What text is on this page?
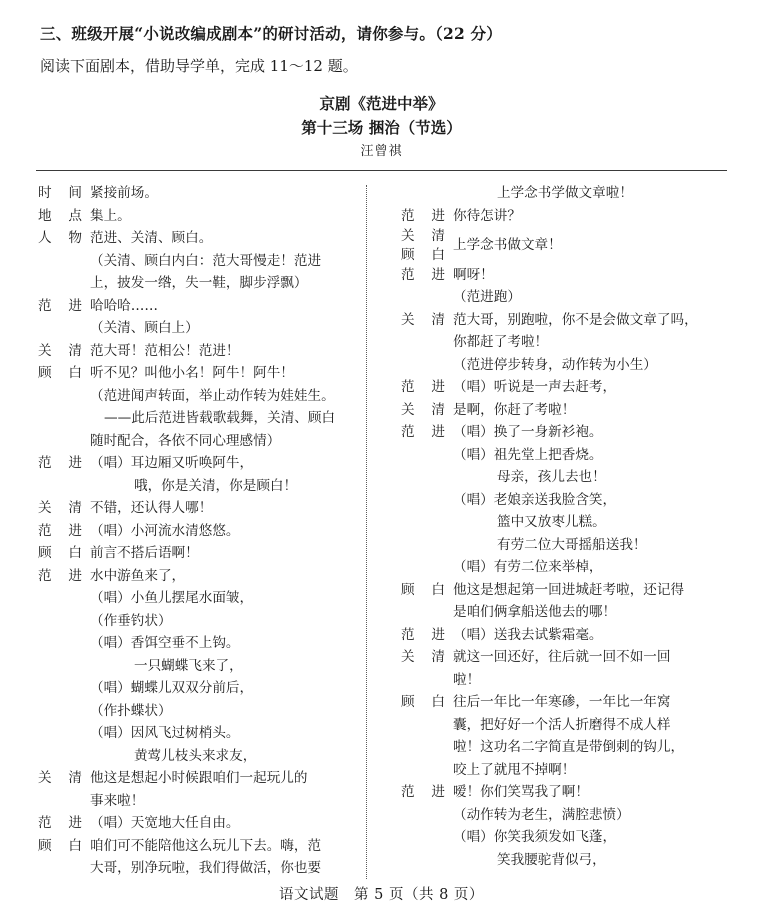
三、班级开展“小说改编成剧本”的研讨活动，请你参与。（22 分）
阅读下面剧本，借助导学单，完成 11～12 题。
京剧《范进中举》
第十三场 捆治（节选）
汪曾祺
时 间 紧接前场。
地 点 集上。
人 物 范进、关清、顾白。
（关清、顾白内白：范大哥慢走！范进
上，披发一绺，失一鞋，脚步浮飘）
范 进 哈哈哈……
（关清、顾白上）
关 清 范大哥！范相公！范进！
顾 白 听不见？叫他小名！阿牛！阿牛！
（范进闻声转面，举止动作转为娃娃生。
——此后范进皆载歌载舞，关清、顾白
随时配合，各依不同心理感情）
范 进 （唱）耳边厢又听唤阿牛，
哦，你是关清，你是顾白！
关 清 不错，还认得人哪！
范 进 （唱）小河流水清悠悠。
顾 白 前言不搭后语啊！
范 进 水中游鱼来了，
（唱）小鱼儿摆尾水面皱，
（作垂钓状）
（唱）香饵空垂不上钩。
一只蝴蝶飞来了，
（唱）蝴蝶儿双双分前后，
（作扑蝶状）
（唱）因风飞过树梢头。
黄莺儿枝头来求友，
关 清 他这是想起小时候跟咱们一起玩儿的
事来啦！
范 进 （唱）天宽地大任自由。
顾 白 咱们可不能陪他这么玩儿下去。嗨，范
大哥，别净玩啦，我们得做活，你也要
上学念书学做文章啦！
范 进 你待怎讲？
关 清
顾 白
上学念书做文章！
范 进 啊呀！
（范进跑）
关 清 范大哥，别跑啦，你不是会做文章了吗，
你都赶了考啦！
（范进停步转身，动作转为小生）
范 进 （唱）听说是一声去赶考，
关 清 是啊，你赶了考啦！
范 进 （唱）换了一身新衫袍。
（唱）祖先堂上把香烧。
母亲，孩儿去也！
（唱）老娘亲送我脸含笑，
篮中又放枣儿糕。
有劳二位大哥摇船送我！
（唱）有劳二位来举棹，
顾 白 他这是想起第一回进城赶考啦，还记得
是咱们俩拿船送他去的哪！
范 进 （唱）送我去试紫霜毫。
关 清 就这一回还好，往后就一回不如一回
啦！
顾 白 往后一年比一年寒碜，一年比一年窝
囊，把好好一个活人折磨得不成人样
啦！这功名二字简直是带倒刺的钩儿，
咬上了就甩不掉啊！
范 进 嗳！你们笑骂我了啊！
（动作转为老生，满腔悲愤）
（唱）你笑我须发如飞蓬，
笑我腰驼背似弓，
语文试题　第 5 页（共 8 页）
